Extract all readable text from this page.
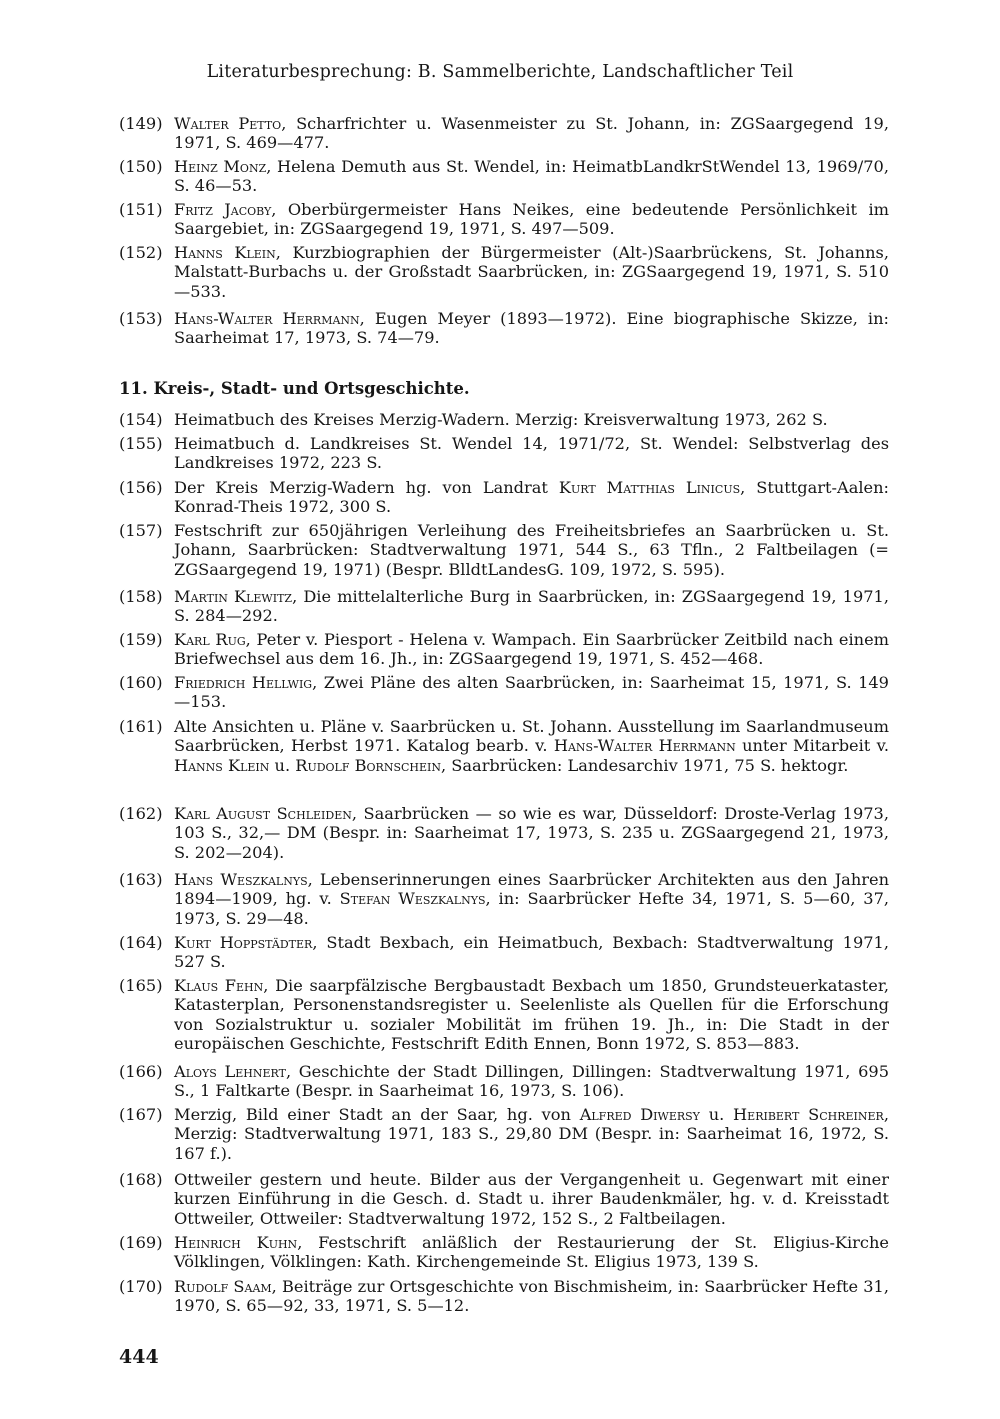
Literaturbesprechung: B. Sammelberichte, Landschaftlicher Teil
(149) Walter Petto, Scharfrichter u. Wasenmeister zu St. Johann, in: ZGSaargegend 19, 1971, S. 469—477.
(150) Heinz Monz, Helena Demuth aus St. Wendel, in: HeimatbLandkrStWendel 13, 1969/70, S. 46—53.
(151) Fritz Jacoby, Oberbürgermeister Hans Neikes, eine bedeutende Persönlichkeit im Saargebiet, in: ZGSaargegend 19, 1971, S. 497—509.
(152) Hanns Klein, Kurzbiographien der Bürgermeister (Alt-)Saarbrückens, St. Johanns, Malstatt-Burbachs u. der Großstadt Saarbrücken, in: ZGSaargegend 19, 1971, S. 510—533.
(153) Hans-Walter Herrmann, Eugen Meyer (1893—1972). Eine biographische Skizze, in: Saarheimat 17, 1973, S. 74—79.
11. Kreis-, Stadt- und Ortsgeschichte.
(154) Heimatbuch des Kreises Merzig-Wadern. Merzig: Kreisverwaltung 1973, 262 S.
(155) Heimatbuch d. Landkreises St. Wendel 14, 1971/72, St. Wendel: Selbstverlag des Landkreises 1972, 223 S.
(156) Der Kreis Merzig-Wadern hg. von Landrat Kurt Matthias Linicus, Stuttgart-Aalen: Konrad-Theis 1972, 300 S.
(157) Festschrift zur 650jährigen Verleihung des Freiheitsbriefes an Saarbrücken u. St. Johann, Saarbrücken: Stadtverwaltung 1971, 544 S., 63 Tfln., 2 Faltbeilagen (= ZGSaargegend 19, 1971) (Bespr. BlldtLandesG. 109, 1972, S. 595).
(158) Martin Klewitz, Die mittelalterliche Burg in Saarbrücken, in: ZGSaargegend 19, 1971, S. 284—292.
(159) Karl Rug, Peter v. Piesport - Helena v. Wampach. Ein Saarbrücker Zeitbild nach einem Briefwechsel aus dem 16. Jh., in: ZGSaargegend 19, 1971, S. 452—468.
(160) Friedrich Hellwig, Zwei Pläne des alten Saarbrücken, in: Saarheimat 15, 1971, S. 149—153.
(161) Alte Ansichten u. Pläne v. Saarbrücken u. St. Johann. Ausstellung im Saarlandmuseum Saarbrücken, Herbst 1971. Katalog bearb. v. Hans-Walter Herrmann unter Mitarbeit v. Hanns Klein u. Rudolf Bornschein, Saarbrücken: Landesarchiv 1971, 75 S. hektogr.
(162) Karl August Schleiden, Saarbrücken — so wie es war, Düsseldorf: Droste-Verlag 1973, 103 S., 32,— DM (Bespr. in: Saarheimat 17, 1973, S. 235 u. ZGSaargegend 21, 1973, S. 202—204).
(163) Hans Weszkalnys, Lebenserinnerungen eines Saarbrücker Architekten aus den Jahren 1894—1909, hg. v. Stefan Weszkalnys, in: Saarbrücker Hefte 34, 1971, S. 5—60, 37, 1973, S. 29—48.
(164) Kurt Hoppstädter, Stadt Bexbach, ein Heimatbuch, Bexbach: Stadtverwaltung 1971, 527 S.
(165) Klaus Fehn, Die saarpfälzische Bergbaustadt Bexbach um 1850, Grundsteuerkataster, Katasterplan, Personenstandsregister u. Seelenliste als Quellen für die Erforschung von Sozialstruktur u. sozialer Mobilität im frühen 19. Jh., in: Die Stadt in der europäischen Geschichte, Festschrift Edith Ennen, Bonn 1972, S. 853—883.
(166) Aloys Lehnert, Geschichte der Stadt Dillingen, Dillingen: Stadtverwaltung 1971, 695 S., 1 Faltkarte (Bespr. in Saarheimat 16, 1973, S. 106).
(167) Merzig, Bild einer Stadt an der Saar, hg. von Alfred Diwersy u. Heribert Schreiner, Merzig: Stadtverwaltung 1971, 183 S., 29,80 DM (Bespr. in: Saarheimat 16, 1972, S. 167 f.).
(168) Ottweiler gestern und heute. Bilder aus der Vergangenheit u. Gegenwart mit einer kurzen Einführung in die Gesch. d. Stadt u. ihrer Baudenkmäler, hg. v. d. Kreisstadt Ottweiler, Ottweiler: Stadtverwaltung 1972, 152 S., 2 Faltbeilagen.
(169) Heinrich Kuhn, Festschrift anläßlich der Restaurierung der St. Eligius-Kirche Völklingen, Völklingen: Kath. Kirchengemeinde St. Eligius 1973, 139 S.
(170) Rudolf Saam, Beiträge zur Ortsgeschichte von Bischmisheim, in: Saarbrücker Hefte 31, 1970, S. 65—92, 33, 1971, S. 5—12.
444
